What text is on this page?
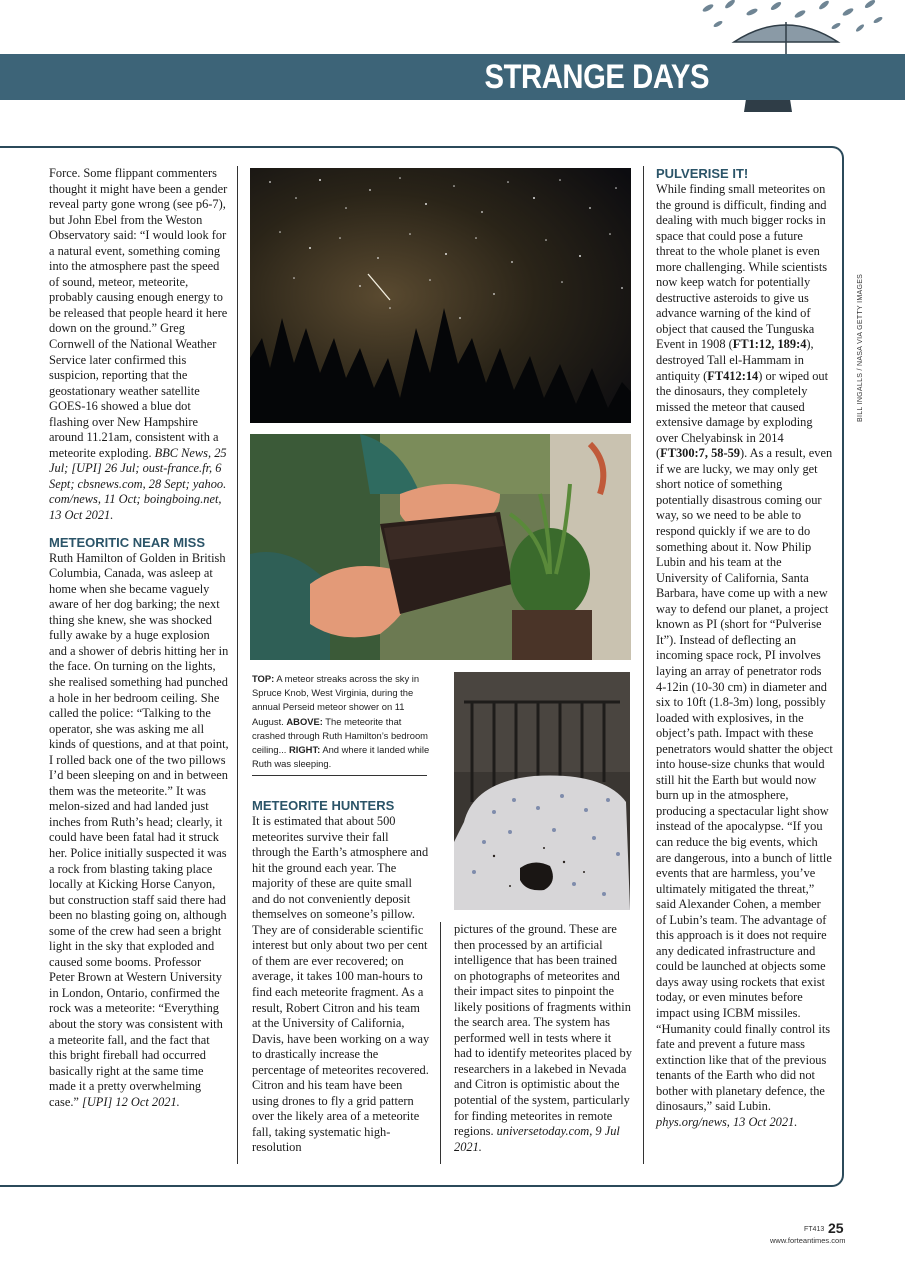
STRANGE DAYS

Force. Some flippant commenters thought it might have been a gender reveal party gone wrong (see p6-7), but John Ebel from the Weston Observatory said: “I would look for a natural event, something coming into the atmosphere past the speed of sound, meteor, meteorite, probably causing enough energy to be released that people heard it here down on the ground.” Greg Cornwell of the National Weather Service later confirmed this suspicion, reporting that the geostationary weather satellite GOES-16 showed a blue dot flashing over New Hampshire around 11.21am, consistent with a meteorite exploding. BBC News, 25 Jul; [UPI] 26 Jul; oust-france.fr, 6 Sept; cbsnews.com, 28 Sept; yahoo. com/news, 11 Oct; boingboing.net, 13 Oct 2021.

METEORITIC NEAR MISS

Ruth Hamilton of Golden in British Columbia, Canada, was asleep at home when she became vaguely aware of her dog barking; the next thing she knew, she was shocked fully awake by a huge explosion and a shower of debris hitting her in the face. On turning on the lights, she realised something had punched a hole in her bedroom ceiling. She called the police: “Talking to the operator, she was asking me all kinds of questions, and at that point, I rolled back one of the two pillows I’d been sleeping on and in between them was the meteorite.” It was melon-sized and had landed just inches from Ruth’s head; clearly, it could have been fatal had it struck her. Police initially suspected it was a rock from blasting taking place locally at Kicking Horse Canyon, but construction staff said there had been no blasting going on, although some of the crew had seen a bright light in the sky that exploded and caused some booms. Professor Peter Brown at Western University in London, Ontario, confirmed the rock was a meteorite: “Everything about the story was consistent with a meteorite fall, and the fact that this bright fireball had occurred basically right at the same time made it a pretty overwhelming case.” [UPI] 12 Oct 2021.

TOP: A meteor streaks across the sky in Spruce Knob, West Virginia, during the annual Perseid meteor shower on 11 August. ABOVE: The meteorite that crashed through Ruth Hamilton’s bedroom ceiling... RIGHT: And where it landed while Ruth was sleeping.

METEORITE HUNTERS

It is estimated that about 500 meteorites survive their fall through the Earth’s atmosphere and hit the ground each year. The majority of these are quite small and do not conveniently deposit themselves on someone’s pillow. They are of considerable scientific interest but only about two per cent of them are ever recovered; on average, it takes 100 man-hours to find each meteorite fragment. As a result, Robert Citron and his team at the University of California, Davis, have been working on a way to drastically increase the percentage of meteorites recovered. Citron and his team have been using drones to fly a grid pattern over the likely area of a meteorite fall, taking systematic high-resolution

pictures of the ground. These are then processed by an artificial intelligence that has been trained on photographs of meteorites and their impact sites to pinpoint the likely positions of fragments within the search area. The system has performed well in tests where it had to identify meteorites placed by researchers in a lakebed in Nevada and Citron is optimistic about the potential of the system, particularly for finding meteorites in remote regions. universetoday.com, 9 Jul 2021.

PULVERISE IT!

While finding small meteorites on the ground is difficult, finding and dealing with much bigger rocks in space that could pose a future threat to the whole planet is even more challenging. While scientists now keep watch for potentially destructive asteroids to give us advance warning of the kind of object that caused the Tunguska Event in 1908 (FT1:12, 189:4), destroyed Tall el-Hammam in antiquity (FT412:14) or wiped out the dinosaurs, they completely missed the meteor that caused extensive damage by exploding over Chelyabinsk in 2014 (FT300:7, 58-59). As a result, even if we are lucky, we may only get short notice of something potentially disastrous coming our way, so we need to be able to respond quickly if we are to do something about it. Now Philip Lubin and his team at the University of California, Santa Barbara, have come up with a new way to defend our planet, a project known as PI (short for “Pulverise It”). Instead of deflecting an incoming space rock, PI involves laying an array of penetrator rods 4-12in (10-30 cm) in diameter and six to 10ft (1.8-3m) long, possibly loaded with explosives, in the object’s path. Impact with these penetrators would shatter the object into house-size chunks that would still hit the Earth but would now burn up in the atmosphere, producing a spectacular light show instead of the apocalypse. “If you can reduce the big events, which are dangerous, into a bunch of little events that are harmless, you’ve ultimately mitigated the threat,” said Alexander Cohen, a member of Lubin’s team. The advantage of this approach is it does not require any dedicated infrastructure and could be launched at objects some days away using rockets that exist today, or even minutes before impact using ICBM missiles. “Humanity could finally control its fate and prevent a future mass extinction like that of the previous tenants of the Earth who did not bother with planetary defence, the dinosaurs,” said Lubin. phys.org/news, 13 Oct 2021.

BILL INGALLS / NASA VIA GETTY IMAGES
FT413 25
www.forteantimes.com
